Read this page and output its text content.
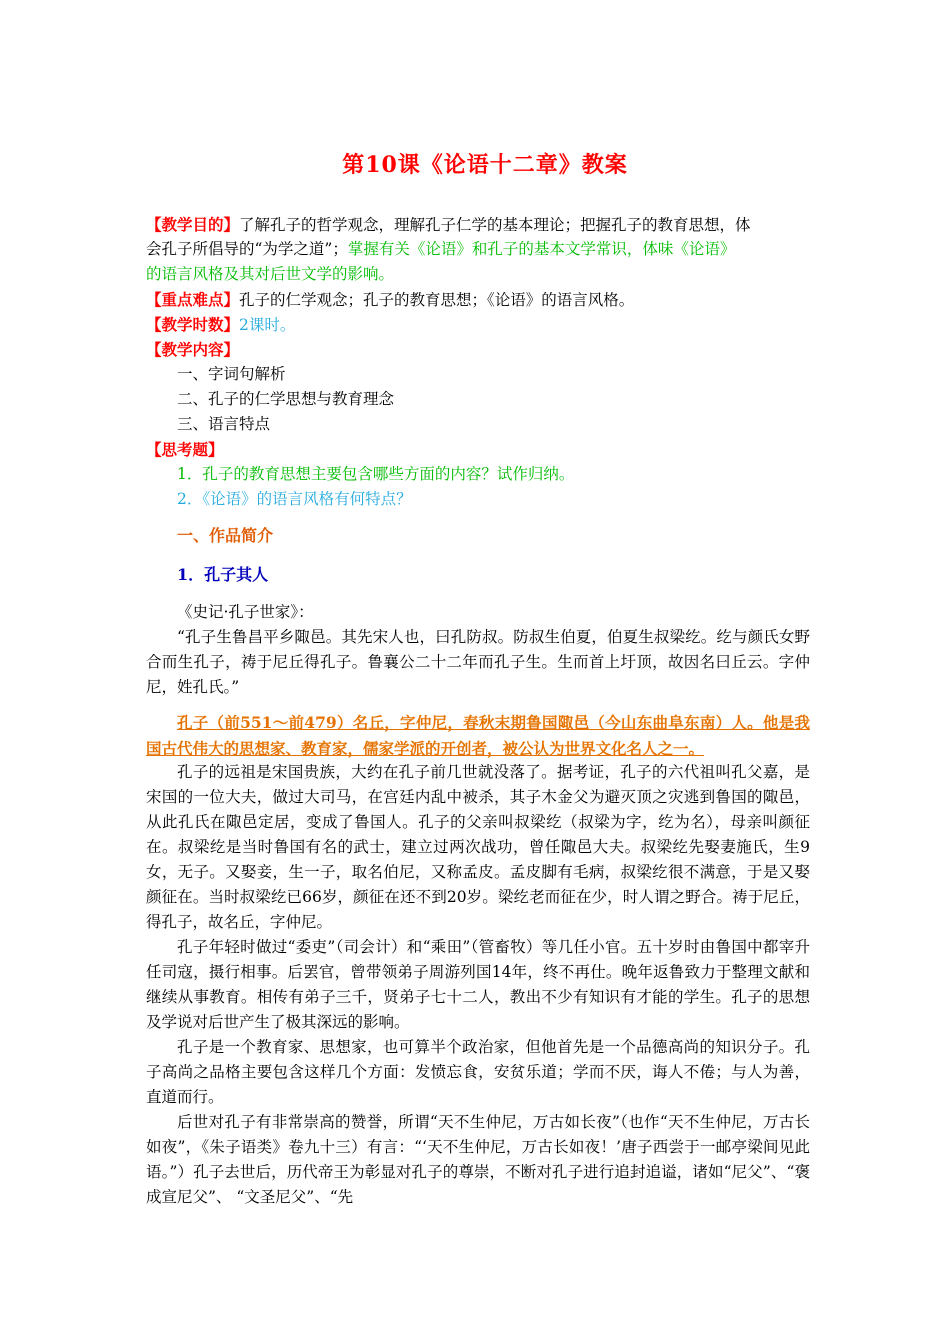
第10课《论语十二章》教案
【教学目的】了解孔子的哲学观念，理解孔子仁学的基本理论；把握孔子的教育思想，体
会孔子所倡导的“为学之道”；掌握有关《论语》和孔子的基本文学常识，体味《论语》
的语言风格及其对后世文学的影响。
【重点难点】孔子的仁学观念；孔子的教育思想；《论语》的语言风格。
【教学时数】2课时。
【教学内容】
一、字词句解析
二、孔子的仁学思想与教育理念
三、语言特点
【思考题】
1．孔子的教育思想主要包含哪些方面的内容？试作归纳。
2．《论语》的语言风格有何特点？
一、作品简介
1．孔子其人
《史记·孔子世家》：
“孔子生鲁昌平乡陬邑。其先宋人也，曰孔防叔。防叔生伯夏，伯夏生叔梁纥。纥与颜氏女野合而生孔子，祷于尼丘得孔子。鲁襄公二十二年而孔子生。生而首上圩顶，故因名曰丘云。字仲尼，姓孔氏。”
孔子（前551～前479）名丘，字仲尼，春秋末期鲁国陬邑（今山东曲阜东南）人。他是我国古代伟大的思想家、教育家，儒家学派的开创者，被公认为世界文化名人之一。
孔子的远祖是宋国贵族，大约在孔子前几世就没落了。据考证，孔子的六代祖叫孔父嘉，是宋国的一位大夫，做过大司马，在宫廷内乱中被杀，其子木金父为避灭顶之灾逃到鲁国的陬邑，从此孔氏在陬邑定居，变成了鲁国人。孔子的父亲叫叔梁纥（叔梁为字，纥为名），母亲叫颜征在。叔梁纥是当时鲁国有名的武士，建立过两次战功，曾任陬邑大夫。叔梁纥先娶妻施氏，生9女，无子。又娶妾，生一子，取名伯尼，又称孟皮。孟皮脚有毛病，叔梁纥很不满意，于是又娶颜征在。当时叔梁纥已66岁，颜征在还不到20岁。梁纥老而征在少，时人谓之野合。祷于尼丘，得孔子，故名丘，字仲尼。
孔子年轻时做过“委吏”（司会计）和“乘田”（管畜牧）等几任小官。五十岁时由鲁国中都宰升任司寇，摄行相事。后罢官，曾带领弟子周游列国14年，终不再仕。晚年返鲁致力于整理文献和继续从事教育。相传有弟子三千，贤弟子七十二人，教出不少有知识有才能的学生。孔子的思想及学说对后世产生了极其深远的影响。
孔子是一个教育家、思想家，也可算半个政治家，但他首先是一个品德高尚的知识分子。孔子高尚之品格主要包含这样几个方面：发愤忘食，安贫乐道；学而不厌，诲人不倦；与人为善，直道而行。
后世对孔子有非常崇高的赞誉，所谓“天不生仲尼，万古如长夜”（也作“天不生仲尼，万古长如夜”，《朱子语类》卷九十三）有言：“‘天不生仲尼，万古长如夜！’唐子西尝于一邮亭梁间见此语。”）孔子去世后，历代帝王为彰显对孔子的尊崇，不断对孔子进行追封追谥，诸如“尼父”、“褒成宣尼父”、 “文圣尼父”、“先
